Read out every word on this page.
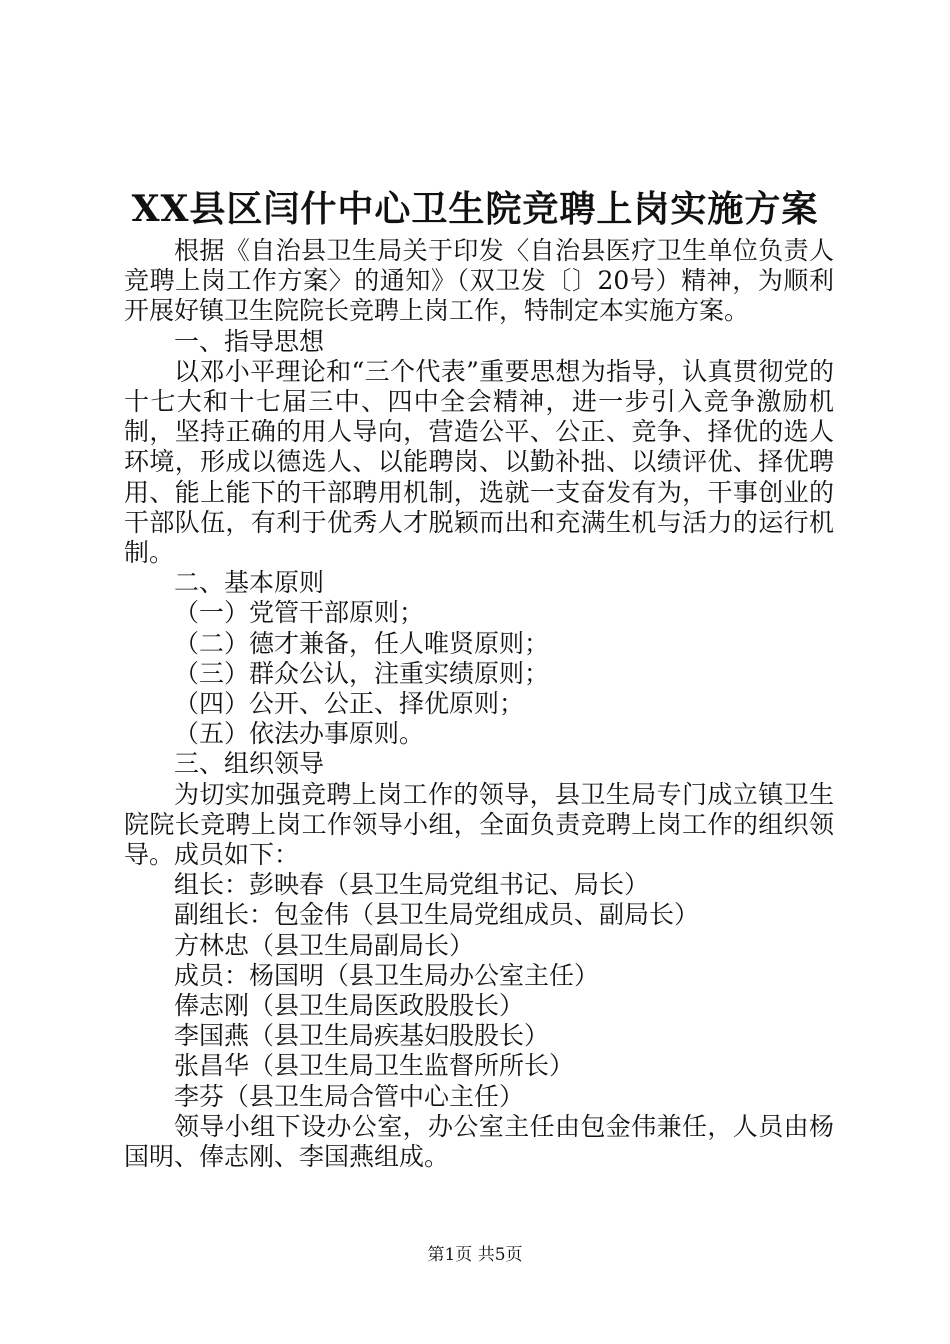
XX县区闫什中心卫生院竞聘上岗实施方案

根据《自治县卫生局关于印发〈自治县医疗卫生单位负责人竞聘上岗工作方案〉的通知》（双卫发〔〕20号）精神，为顺利开展好镇卫生院院长竞聘上岗工作，特制定本实施方案。

一、指导思想

以邓小平理论和“三个代表”重要思想为指导，认真贯彻党的十七大和十七届三中、四中全会精神，进一步引入竞争激励机制，坚持正确的用人导向，营造公平、公正、竞争、择优的选人环境，形成以德选人、以能聘岗、以勤补拙、以绩评优、择优聘用、能上能下的干部聘用机制，选就一支奋发有为，干事创业的干部队伍，有利于优秀人才脱颖而出和充满生机与活力的运行机制。

二、基本原则

（一）党管干部原则；

（二）德才兼备，任人唯贤原则；

（三）群众公认，注重实绩原则；

（四）公开、公正、择优原则；

（五）依法办事原则。

三、组织领导

为切实加强竞聘上岗工作的领导，县卫生局专门成立镇卫生院院长竞聘上岗工作领导小组，全面负责竞聘上岗工作的组织领导。成员如下：

组长：彭映春（县卫生局党组书记、局长）

副组长：包金伟（县卫生局党组成员、副局长）

方林忠（县卫生局副局长）

成员：杨国明（县卫生局办公室主任）

俸志刚（县卫生局医政股股长）

李国燕（县卫生局疾基妇股股长）

张昌华（县卫生局卫生监督所所长）

李芬（县卫生局合管中心主任）

领导小组下设办公室，办公室主任由包金伟兼任，人员由杨国明、俸志刚、李国燕组成。

第1页 共5页
